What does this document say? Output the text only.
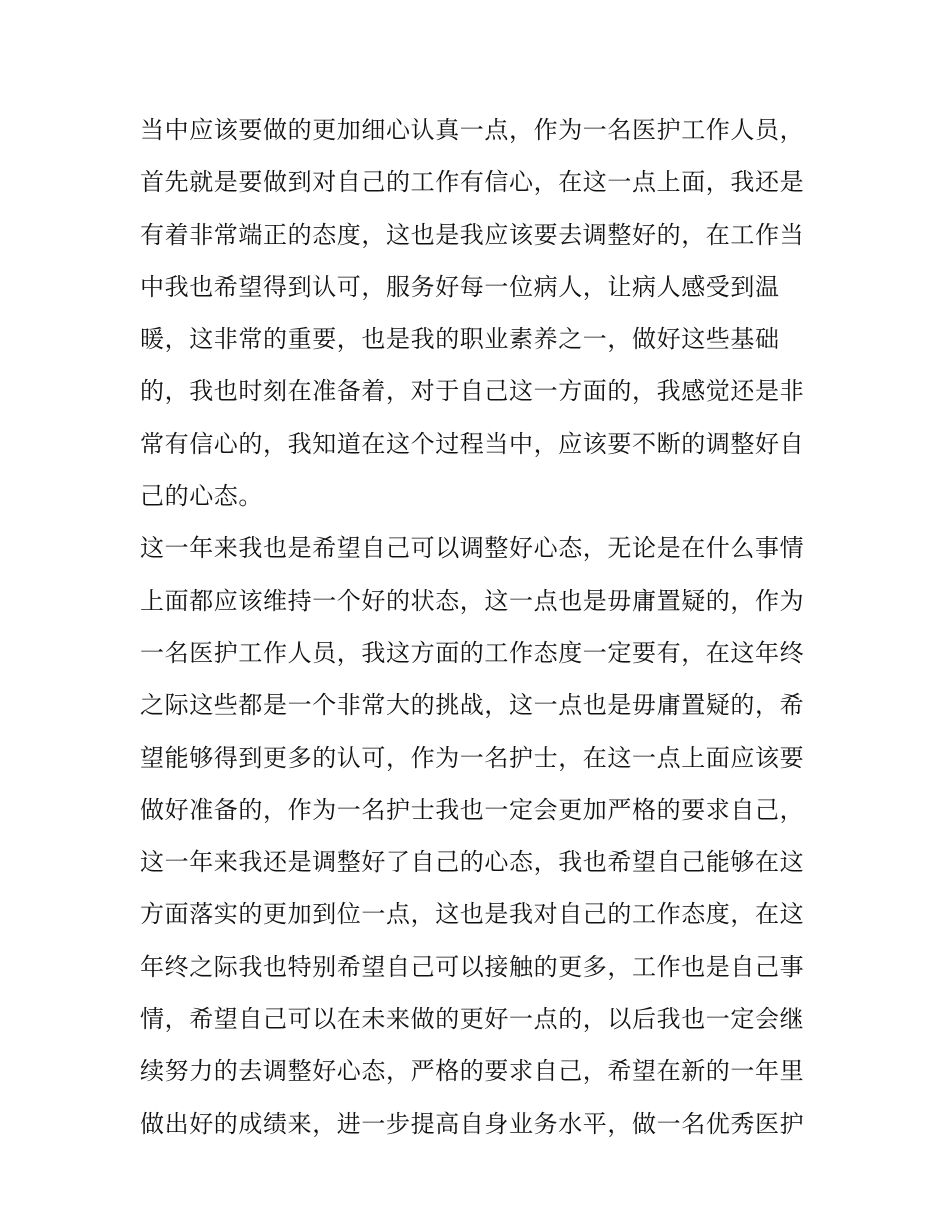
当中应该要做的更加细心认真一点，作为一名医护工作人员，
首先就是要做到对自己的工作有信心，在这一点上面，我还是
有着非常端正的态度，这也是我应该要去调整好的，在工作当
中我也希望得到认可，服务好每一位病人，让病人感受到温
暖，这非常的重要，也是我的职业素养之一，做好这些基础
的，我也时刻在准备着，对于自己这一方面的，我感觉还是非
常有信心的，我知道在这个过程当中，应该要不断的调整好自
己的心态。
这一年来我也是希望自己可以调整好心态，无论是在什么事情
上面都应该维持一个好的状态，这一点也是毋庸置疑的，作为
一名医护工作人员，我这方面的工作态度一定要有，在这年终
之际这些都是一个非常大的挑战，这一点也是毋庸置疑的，希
望能够得到更多的认可，作为一名护士，在这一点上面应该要
做好准备的，作为一名护士我也一定会更加严格的要求自己，
这一年来我还是调整好了自己的心态，我也希望自己能够在这
方面落实的更加到位一点，这也是我对自己的工作态度，在这
年终之际我也特别希望自己可以接触的更多，工作也是自己事
情，希望自己可以在未来做的更好一点的，以后我也一定会继
续努力的去调整好心态，严格的要求自己，希望在新的一年里
做出好的成绩来，进一步提高自身业务水平，做一名优秀医护
